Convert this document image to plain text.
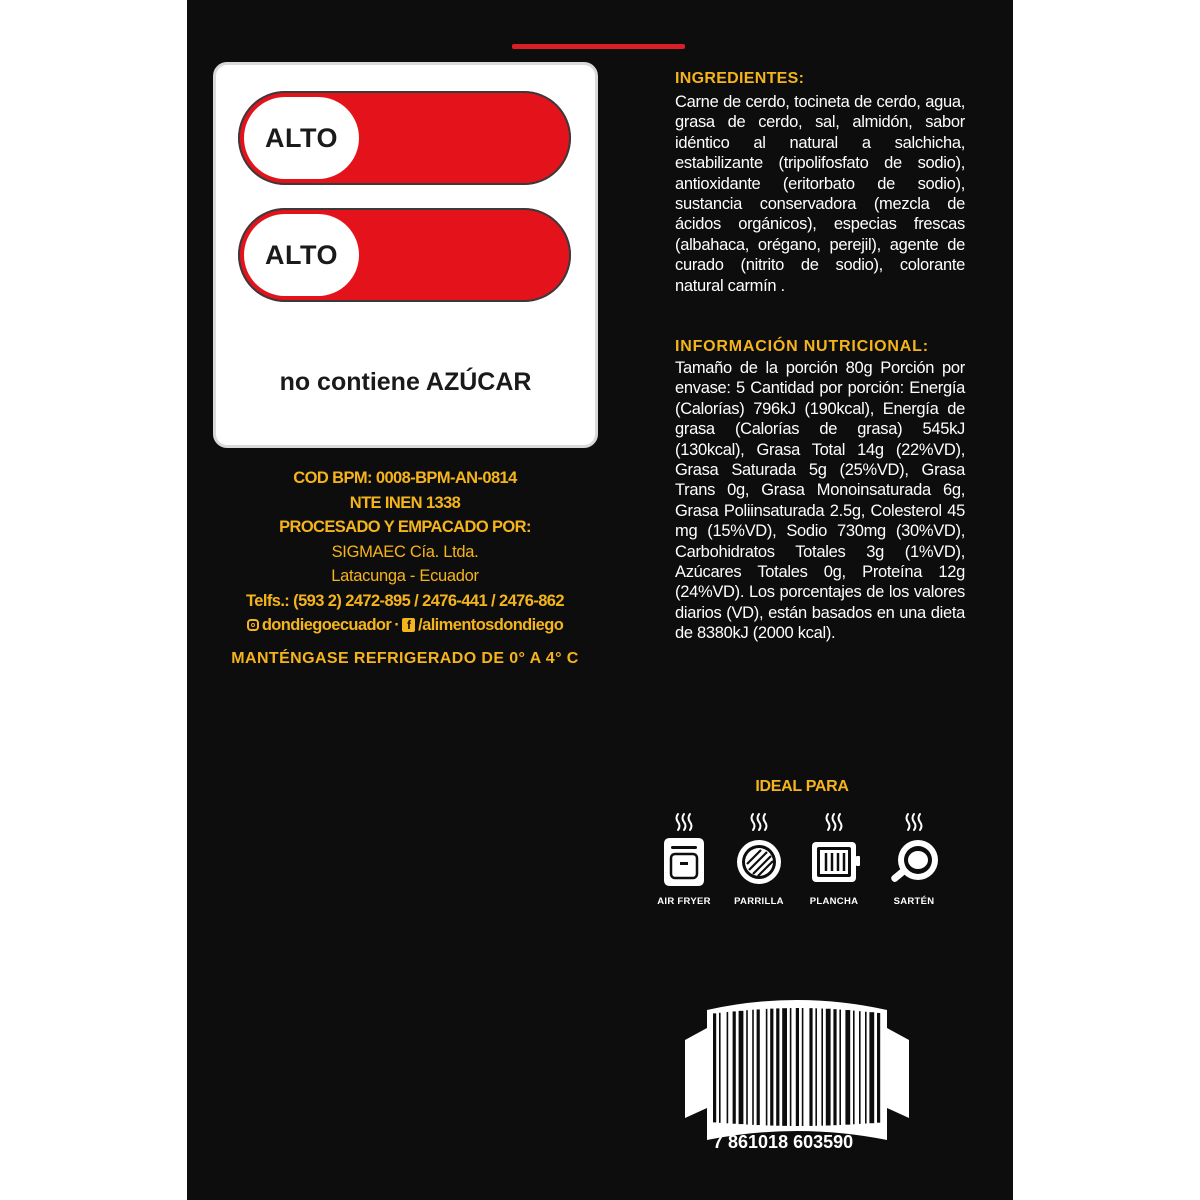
ALTO
ALTO
no contiene AZÚCAR
COD BPM: 0008-BPM-AN-0814
NTE INEN 1338
PROCESADO Y EMPACADO POR:
SIGMAEC Cía. Ltda.
Latacunga - Ecuador
Telfs.: (593 2) 2472-895 / 2476-441 / 2476-862
dondiegoecuador · f /alimentosdondiego
MANTÉNGASE REFRIGERADO DE 0° A 4° C
INGREDIENTES:
Carne de cerdo, tocineta de cerdo, agua, grasa de cerdo, sal, almidón, sabor idéntico al natural a salchicha, estabilizante (tripolifosfato de sodio), antioxidante (eritorbato de sodio), sustancia conservadora (mezcla de ácidos orgánicos), especias frescas (albahaca, orégano, perejil), agente de curado (nitrito de sodio), colorante natural carmín .
INFORMACIÓN NUTRICIONAL:
Tamaño de la porción 80g Porción por envase: 5 Cantidad por porción: Energía (Calorías) 796kJ (190kcal), Energía de grasa (Calorías de grasa) 545kJ (130kcal), Grasa Total 14g (22%VD), Grasa Saturada 5g (25%VD), Grasa Trans 0g, Grasa Monoinsaturada 6g, Grasa Poliinsaturada 2.5g, Colesterol 45 mg (15%VD), Sodio 730mg (30%VD), Carbohidratos Totales 3g (1%VD), Azúcares Totales 0g, Proteína 12g (24%VD). Los porcentajes de los valores diarios (VD), están basados en una dieta de 8380kJ (2000 kcal).
IDEAL PARA
AIR FRYER	PARRILLA	PLANCHA	SARTÉN
7 861018 603590
